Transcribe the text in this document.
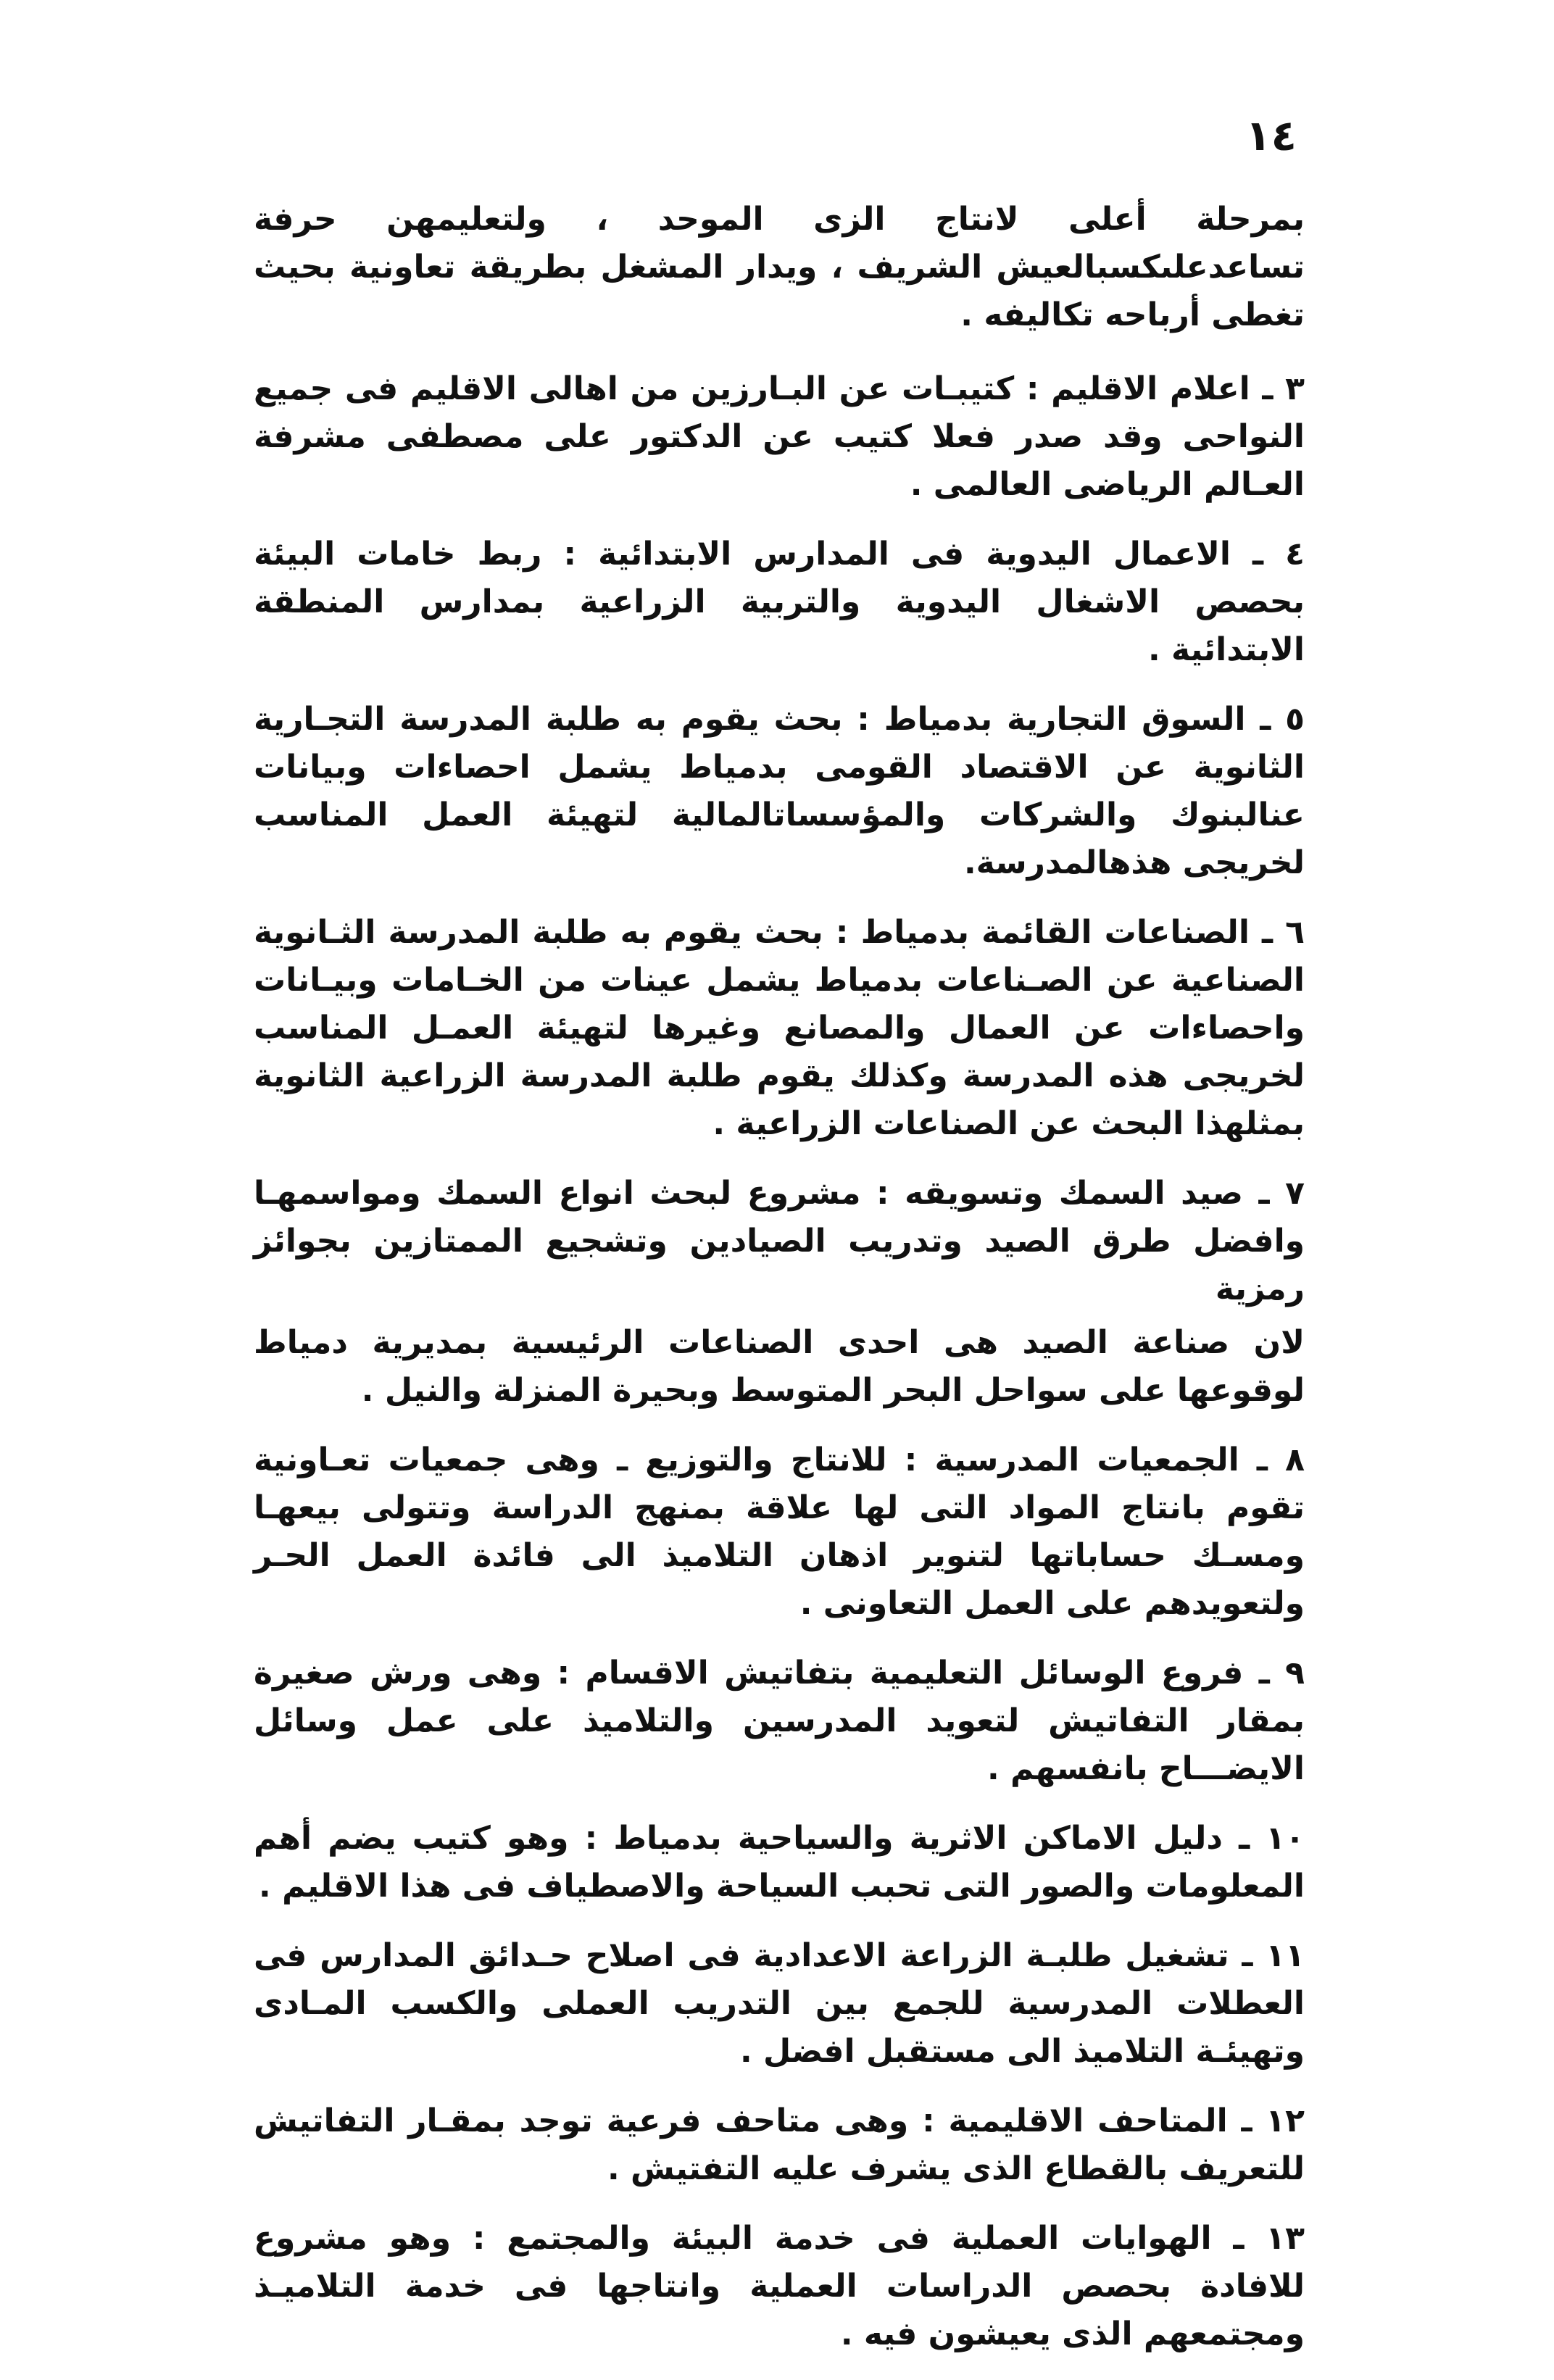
١٤

بمرحلة أعلى لانتاج الزى الموحد ، ولتعليمهن حرفة تساعدعلىكسبالعيش الشريف ، ويدار المشغل بطريقة تعاونية بحيث تغطى أرباحه تكاليفه .

٣ ـ اعلام الاقليم : كتيبـات عن البـارزين من اهالى الاقليم فى جميع النواحى وقد صدر فعلا كتيب عن الدكتور على مصطفى مشرفة العـالم الرياضى العالمى .

٤ ـ الاعمال اليدوية فى المدارس الابتدائية : ربط خامات البيئة بحصص الاشغال اليدوية والتربية الزراعية بمدارس المنطقة الابتدائية .

٥ ـ السوق التجارية بدمياط : بحث يقوم به طلبة المدرسة التجـارية الثانوية عن الاقتصاد القومى بدمياط يشمل احصاءات وبيانات عنالبنوك والشركات والمؤسساتالمالية لتهيئة العمل المناسب لخريجى هذهالمدرسة.

٦ ـ الصناعات القائمة بدمياط : بحث يقوم به طلبة المدرسة الثـانوية الصناعية عن الصـناعات بدمياط يشمل عينات من الخـامات وبيـانات واحصاءات عن العمال والمصانع وغيرها لتهيئة العمـل المناسب لخريجى هذه المدرسة وكذلك يقوم طلبة المدرسة الزراعية الثانوية بمثلهذا البحث عن الصناعات الزراعية .

٧ ـ صيد السمك وتسويقه : مشروع لبحث انواع السمك ومواسمهـا وافضل طرق الصيد وتدريب الصيادين وتشجيع الممتازين بجوائز رمزية

لان صناعة الصيد هى احدى الصناعات الرئيسية بمديرية دمياط لوقوعها على سواحل البحر المتوسط وبحيرة المنزلة والنيل .

٨ ـ الجمعيات المدرسية : للانتاج والتوزيع ـ وهى جمعيات تعـاونية تقوم بانتاج المواد التى لها علاقة بمنهج الدراسة وتتولى بيعهـا ومسـك حساباتها لتنوير اذهان التلاميذ الى فائدة العمل الحـر ولتعويدهم على العمل التعاونى .

٩ ـ فروع الوسائل التعليمية بتفاتيش الاقسام : وهى ورش صغيرة بمقار التفاتيش لتعويد المدرسين والتلاميذ على عمل وسائل الايضـــاح بانفسهم .

١٠ ـ دليل الاماكن الاثرية والسياحية بدمياط : وهو كتيب يضم أهم المعلومات والصور التى تحبب السياحة والاصطياف فى هذا الاقليم .

١١ ـ تشغيل طلبـة الزراعة الاعدادية فى اصلاح حـدائق المدارس فى العطلات المدرسية للجمع بين التدريب العملى والكسب المـادى وتهيئـة التلاميذ الى مستقبل افضل .

١٢ ـ المتاحف الاقليمية : وهى متاحف فرعية توجد بمقـار التفاتيش للتعريف بالقطاع الذى يشرف عليه التفتيش .

١٣ ـ الهوايات العملية فى خدمة البيئة والمجتمع : وهو مشروع للافادة بحصص الدراسات العملية وانتاجها فى خدمة التلاميـذ ومجتمعهم الذى يعيشون فيه .
